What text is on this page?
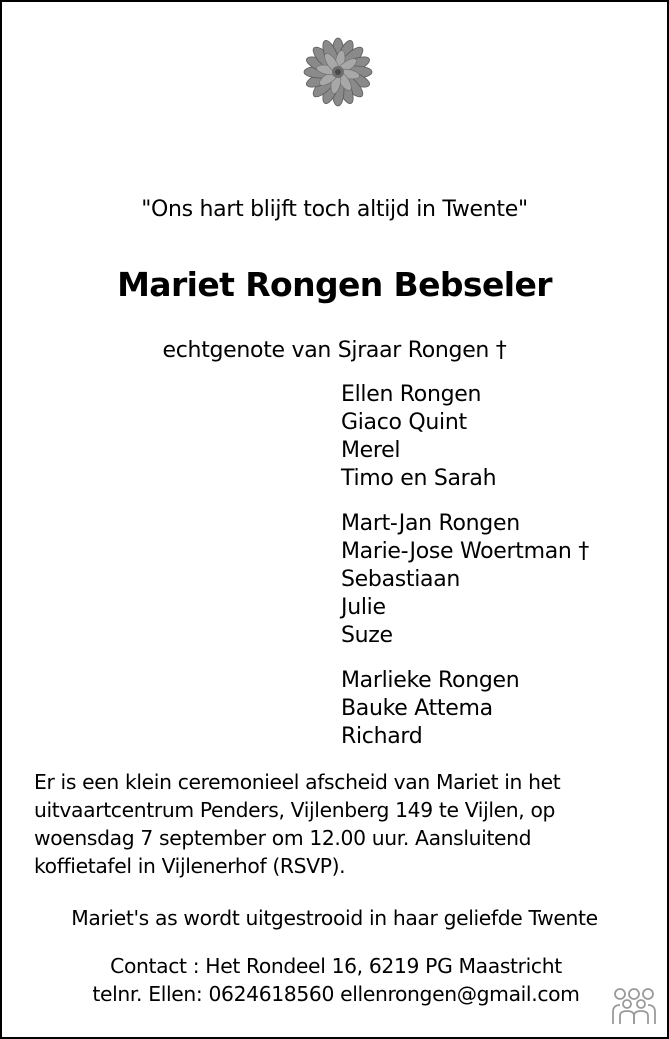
"Ons hart blijft toch altijd in Twente"
Mariet Rongen Bebseler
echtgenote van Sjraar Rongen †
Ellen Rongen
Giaco Quint
Merel
Timo en Sarah
Mart-Jan Rongen
Marie-Jose Woertman †
Sebastiaan
Julie
Suze
Marlieke Rongen
Bauke Attema
Richard
Er is een klein ceremonieel afscheid van Mariet in het
uitvaartcentrum Penders, Vijlenberg 149 te Vijlen, op
woensdag 7 september om 12.00 uur. Aansluitend
koffietafel in Vijlenerhof (RSVP).
Mariet's as wordt uitgestrooid in haar geliefde Twente
Contact : Het Rondeel 16, 6219 PG Maastricht
telnr. Ellen: 0624618560 ellenrongen@gmail.com
